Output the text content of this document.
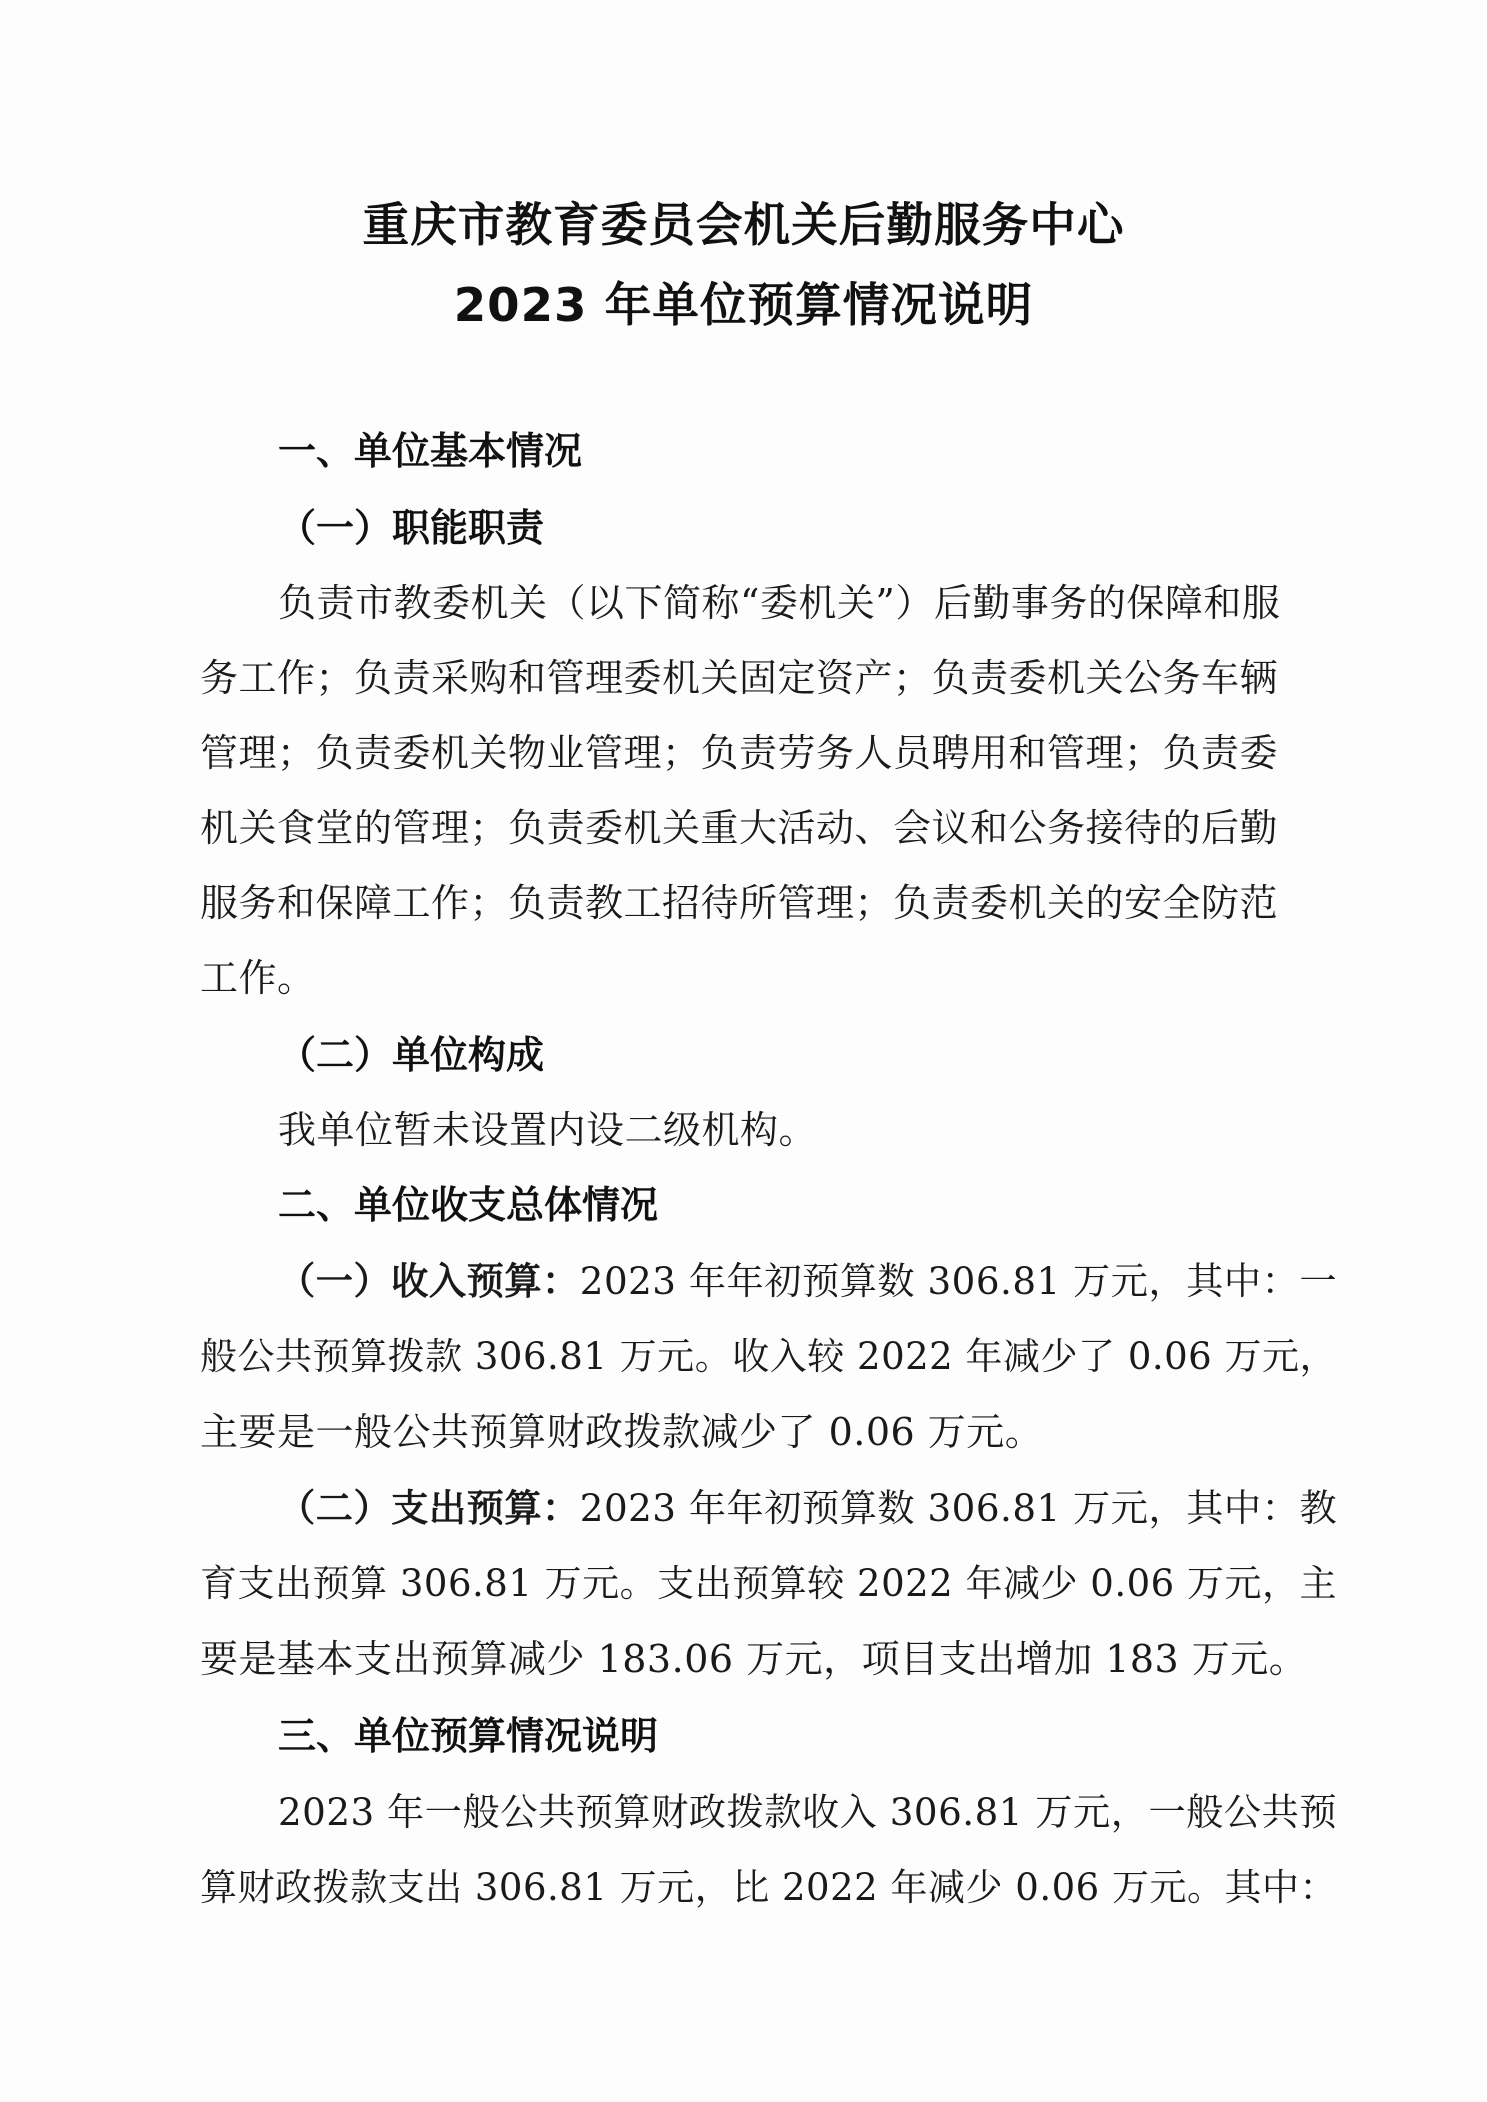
重庆市教育委员会机关后勤服务中心
2023 年单位预算情况说明
一、单位基本情况
（一）职能职责
负责市教委机关（以下简称“委机关”）后勤事务的保障和服
务工作；负责采购和管理委机关固定资产；负责委机关公务车辆
管理；负责委机关物业管理；负责劳务人员聘用和管理；负责委
机关食堂的管理；负责委机关重大活动、会议和公务接待的后勤
服务和保障工作；负责教工招待所管理；负责委机关的安全防范
工作。
（二）单位构成
我单位暂未设置内设二级机构。
二、单位收支总体情况
（一）收入预算：2023 年年初预算数 306.81 万元，其中：一
般公共预算拨款 306.81 万元。收入较 2022 年减少了 0.06 万元，
主要是一般公共预算财政拨款减少了 0.06 万元。
（二）支出预算：2023 年年初预算数 306.81 万元，其中：教
育支出预算 306.81 万元。支出预算较 2022 年减少 0.06 万元，主
要是基本支出预算减少 183.06 万元，项目支出增加 183 万元。
三、单位预算情况说明
2023 年一般公共预算财政拨款收入 306.81 万元，一般公共预
算财政拨款支出 306.81 万元，比 2022 年减少 0.06 万元。其中：
